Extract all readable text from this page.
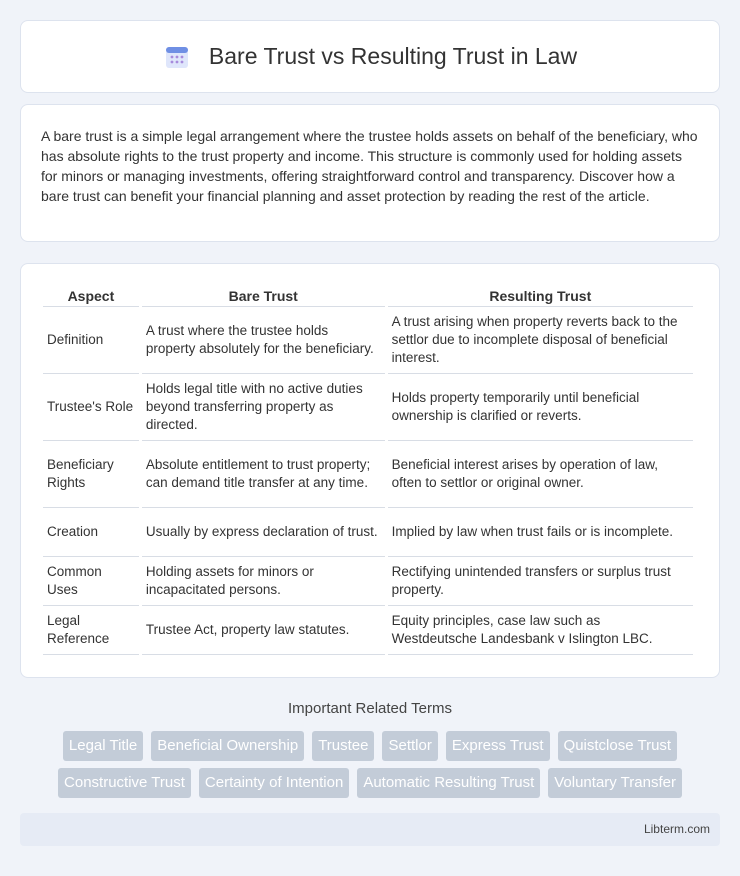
Bare Trust vs Resulting Trust in Law

A bare trust is a simple legal arrangement where the trustee holds assets on behalf of the beneficiary, who has absolute rights to the trust property and income. This structure is commonly used for holding assets for minors or managing investments, offering straightforward control and transparency. Discover how a bare trust can benefit your financial planning and asset protection by reading the rest of the article.

Aspect	Bare Trust	Resulting Trust
Definition	A trust where the trustee holds property absolutely for the beneficiary.	A trust arising when property reverts back to the settlor due to incomplete disposal of beneficial interest.
Trustee's Role	Holds legal title with no active duties beyond transferring property as directed.	Holds property temporarily until beneficial ownership is clarified or reverts.
Beneficiary Rights	Absolute entitlement to trust property; can demand title transfer at any time.	Beneficial interest arises by operation of law, often to settlor or original owner.
Creation	Usually by express declaration of trust.	Implied by law when trust fails or is incomplete.
Common Uses	Holding assets for minors or incapacitated persons.	Rectifying unintended transfers or surplus trust property.
Legal Reference	Trustee Act, property law statutes.	Equity principles, case law such as Westdeutsche Landesbank v Islington LBC.
Important Related Terms
Legal Title	Beneficial Ownership	Trustee	Settlor	Express Trust	Quistclose Trust
Constructive Trust	Certainty of Intention	Automatic Resulting Trust	Voluntary Transfer
Libterm.com
